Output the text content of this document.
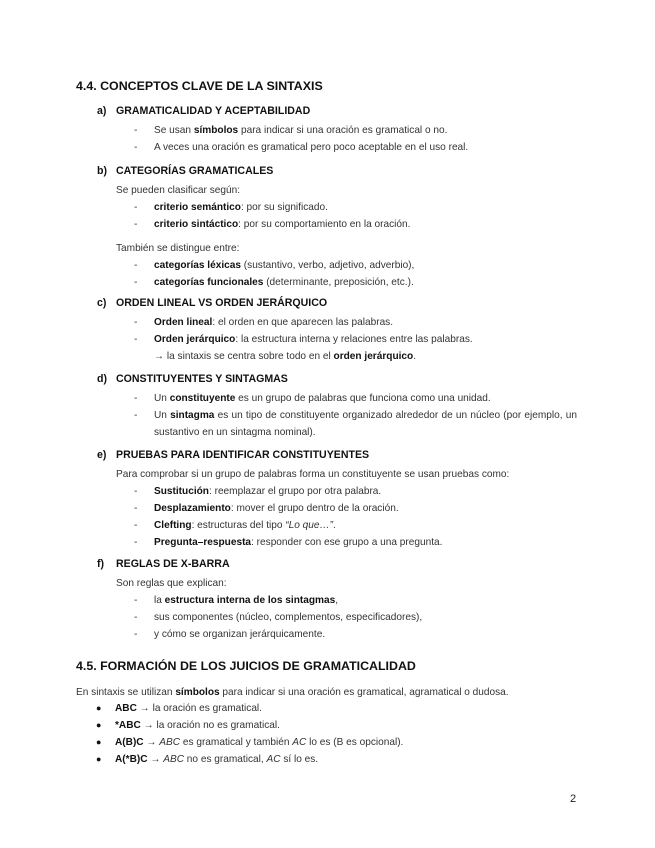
4.4. CONCEPTOS CLAVE DE LA SINTAXIS
a) GRAMATICALIDAD Y ACEPTABILIDAD
- Se usan símbolos para indicar si una oración es gramatical o no.
- A veces una oración es gramatical pero poco aceptable en el uso real.
b) CATEGORÍAS GRAMATICALES
Se pueden clasificar según:
- criterio semántico: por su significado.
- criterio sintáctico: por su comportamiento en la oración.
También se distingue entre:
- categorías léxicas (sustantivo, verbo, adjetivo, adverbio),
- categorías funcionales (determinante, preposición, etc.).
c) ORDEN LINEAL VS ORDEN JERÁRQUICO
- Orden lineal: el orden en que aparecen las palabras.
- Orden jerárquico: la estructura interna y relaciones entre las palabras.
→ la sintaxis se centra sobre todo en el orden jerárquico.
d) CONSTITUYENTES Y SINTAGMAS
- Un constituyente es un grupo de palabras que funciona como una unidad.
- Un sintagma es un tipo de constituyente organizado alrededor de un núcleo (por ejemplo, un sustantivo en un sintagma nominal).
e) PRUEBAS PARA IDENTIFICAR CONSTITUYENTES
Para comprobar si un grupo de palabras forma un constituyente se usan pruebas como:
- Sustitución: reemplazar el grupo por otra palabra.
- Desplazamiento: mover el grupo dentro de la oración.
- Clefting: estructuras del tipo “Lo que…”.
- Pregunta–respuesta: responder con ese grupo a una pregunta.
f)	REGLAS DE X-BARRA
Son reglas que explican:
- la estructura interna de los sintagmas,
- sus componentes (núcleo, complementos, especificadores),
- y cómo se organizan jerárquicamente.
4.5. FORMACIÓN DE LOS JUICIOS DE GRAMATICALIDAD
En sintaxis se utilizan símbolos para indicar si una oración es gramatical, agramatical o dudosa.
● ABC → la oración es gramatical.
● *ABC → la oración no es gramatical.
● A(B)C → ABC es gramatical y también AC lo es (B es opcional).
● A(*B)C → ABC no es gramatical, AC sí lo es.
2
